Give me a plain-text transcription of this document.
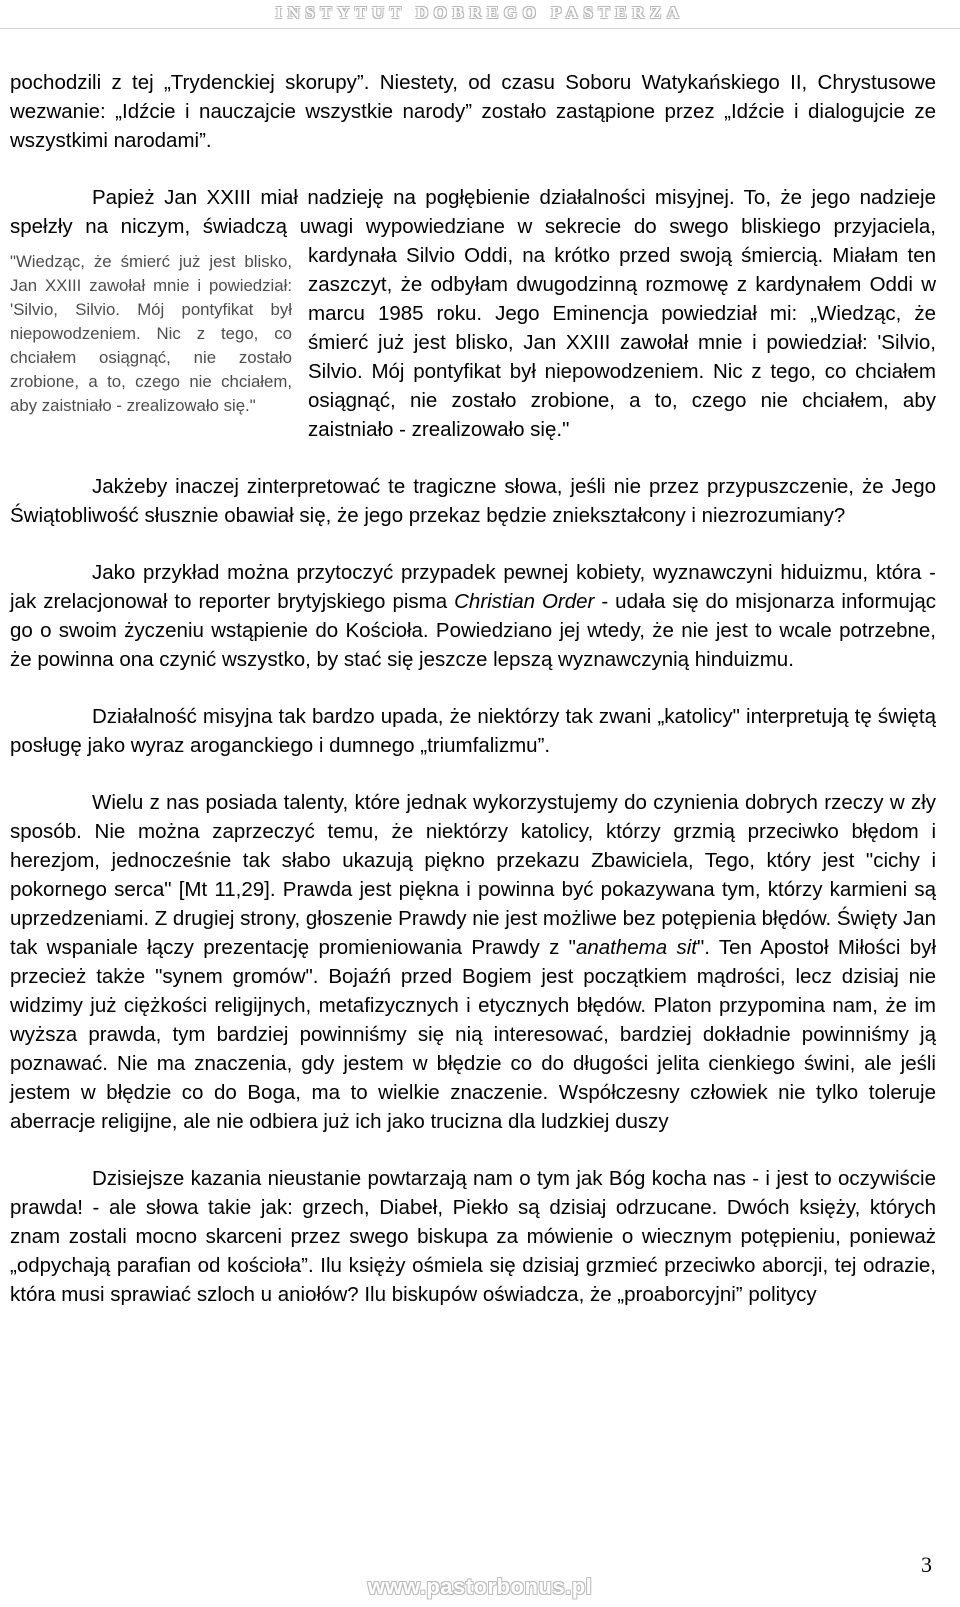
INSTYTUT DOBREGO PASTERZA

pochodzili z tej „Trydenckiej skorupy”. Niestety, od czasu Soboru Watykańskiego II, Chrystusowe wezwanie: „Idźcie i nauczajcie wszystkie narody” zostało zastąpione przez „Idźcie i dialogujcie ze wszystkimi narodami”.

Papież Jan XXIII miał nadzieję na pogłębienie działalności misyjnej. To, że jego nadzieje spełzły na niczym, świadczą uwagi wypowiedziane w sekrecie do swego bliskiego przyjaciela, kardynała Silvio Oddi, na krótko przed swoją śmiercią.
"Wiedząc, że śmierć już jest blisko, Jan XXIII zawołał mnie i powiedział: 'Silvio, Silvio. Mój pontyfikat był niepowodzeniem. Nic z tego, co chciałem osiągnąć, nie zostało zrobione, a to, czego nie chciałem, aby zaistniało - zrealizowało się."
Miałam ten zaszczyt, że odbyłam dwugodzinną rozmowę z kardynałem Oddi w marcu 1985 roku. Jego Eminencja powiedział mi: „Wiedząc, że śmierć już jest blisko, Jan XXIII zawołał mnie i powiedział: 'Silvio, Silvio. Mój pontyfikat był niepowodzeniem. Nic z tego, co chciałem osiągnąć, nie zostało zrobione, a to, czego nie chciałem, aby zaistniało - zrealizowało się."

Jakżeby inaczej zinterpretować te tragiczne słowa, jeśli nie przez przypuszczenie, że Jego Świątobliwość słusznie obawiał się, że jego przekaz będzie zniekształcony i niezrozumiany?

Jako przykład można przytoczyć przypadek pewnej kobiety, wyznawczyni hiduizmu, która - jak zrelacjonował to reporter brytyjskiego pisma Christian Order - udała się do misjonarza informując go o swoim życzeniu wstąpienie do Kościoła. Powiedziano jej wtedy, że nie jest to wcale potrzebne, że powinna ona czynić wszystko, by stać się jeszcze lepszą wyznawczynią hinduizmu.

Działalność misyjna tak bardzo upada, że niektórzy tak zwani „katolicy" interpretują tę świętą posługę jako wyraz aroganckiego i dumnego „triumfalizmu”.

Wielu z nas posiada talenty, które jednak wykorzystujemy do czynienia dobrych rzeczy w zły sposób. Nie można zaprzeczyć temu, że niektórzy katolicy, którzy grzmią przeciwko błędom i herezjom, jednocześnie tak słabo ukazują piękno przekazu Zbawiciela, Tego, który jest "cichy i pokornego serca" [Mt 11,29]. Prawda jest piękna i powinna być pokazywana tym, którzy karmieni są uprzedzeniami. Z drugiej strony, głoszenie Prawdy nie jest możliwe bez potępienia błędów. Święty Jan tak wspaniale łączy prezentację promieniowania Prawdy z "anathema sit". Ten Apostoł Miłości był przecież także "synem gromów". Bojaźń przed Bogiem jest początkiem mądrości, lecz dzisiaj nie widzimy już ciężkości religijnych, metafizycznych i etycznych błędów. Platon przypomina nam, że im wyższa prawda, tym bardziej powinniśmy się nią interesować, bardziej dokładnie powinniśmy ją poznawać. Nie ma znaczenia, gdy jestem w błędzie co do długości jelita cienkiego świni, ale jeśli jestem w błędzie co do Boga, ma to wielkie znaczenie. Współczesny człowiek nie tylko toleruje aberracje religijne, ale nie odbiera już ich jako trucizna dla ludzkiej duszy

Dzisiejsze kazania nieustanie powtarzają nam o tym jak Bóg kocha nas - i jest to oczywiście prawda! - ale słowa takie jak: grzech, Diabeł, Piekło są dzisiaj odrzucane. Dwóch księży, których znam zostali mocno skarceni przez swego biskupa za mówienie o wiecznym potępieniu, ponieważ „odpychają parafian od kościoła”. Ilu księży ośmiela się dzisiaj grzmieć przeciwko aborcji, tej odrazie, która musi sprawiać szloch u aniołów? Ilu biskupów oświadcza, że „proaborcyjni” politycy

3
www.pastorbonus.pl
